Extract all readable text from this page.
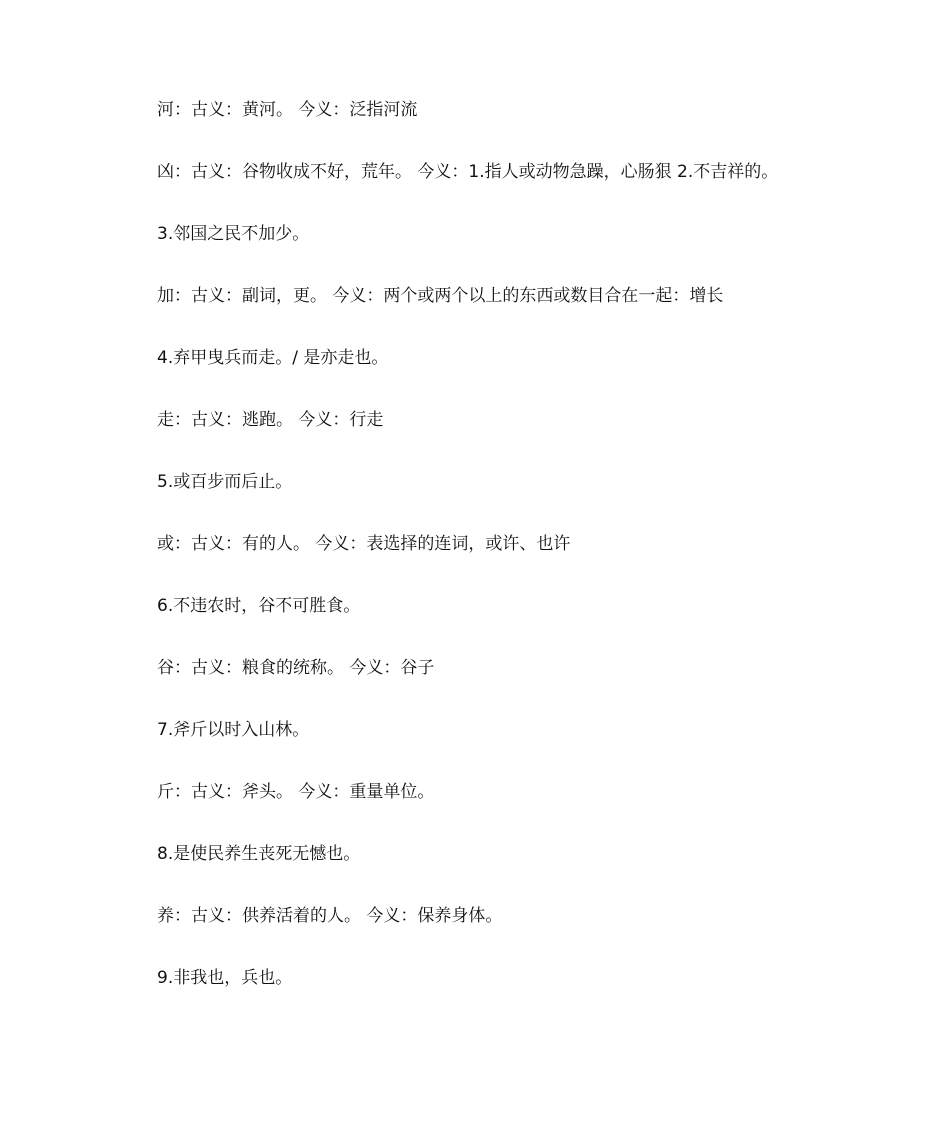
河：古义：黄河。 今义：泛指河流
凶：古义：谷物收成不好，荒年。 今义：1.指人或动物急躁，心肠狠 2.不吉祥的。
3.邻国之民不加少。
加：古义：副词，更。 今义：两个或两个以上的东西或数目合在一起：增长
4.弃甲曳兵而走。/ 是亦走也。
走：古义：逃跑。 今义：行走
5.或百步而后止。
或：古义：有的人。 今义：表选择的连词，或许、也许
6.不违农时，谷不可胜食。
谷：古义：粮食的统称。 今义：谷子
7.斧斤以时入山林。
斤：古义：斧头。 今义：重量单位。
8.是使民养生丧死无憾也。
养：古义：供养活着的人。 今义：保养身体。
9.非我也，兵也。
